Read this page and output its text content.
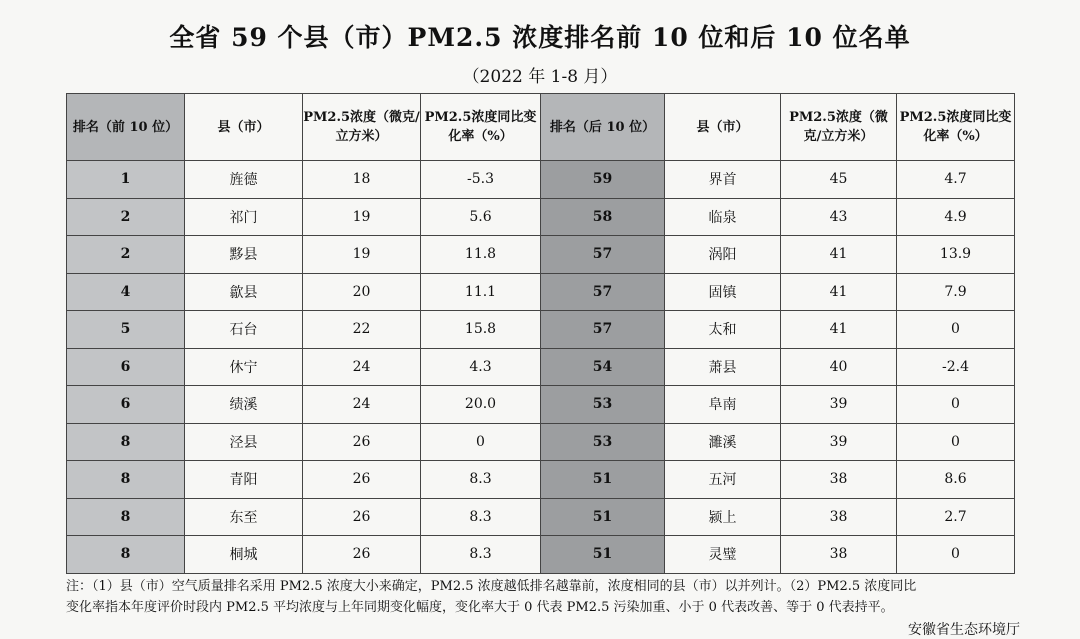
全省 59 个县（市）PM2.5 浓度排名前 10 位和后 10 位名单
（2022 年 1-8 月）
排名（前 10 位）	县（市）	PM2.5浓度（微克/立方米）	PM2.5浓度同比变化率（%）	排名（后 10 位）	县（市）	PM2.5浓度（微克/立方米）	PM2.5浓度同比变化率（%）
1	旌德	18	-5.3	59	界首	45	4.7
2	祁门	19	5.6	58	临泉	43	4.9
2	黟县	19	11.8	57	涡阳	41	13.9
4	歙县	20	11.1	57	固镇	41	7.9
5	石台	22	15.8	57	太和	41	0
6	休宁	24	4.3	54	萧县	40	-2.4
6	绩溪	24	20.0	53	阜南	39	0
8	泾县	26	0	53	濉溪	39	0
8	青阳	26	8.3	51	五河	38	8.6
8	东至	26	8.3	51	颍上	38	2.7
8	桐城	26	8.3	51	灵璧	38	0
注：（1）县（市）空气质量排名采用 PM2.5 浓度大小来确定，PM2.5 浓度越低排名越靠前，浓度相同的县（市）以并列计。（2）PM2.5 浓度同比
变化率指本年度评价时段内 PM2.5 平均浓度与上年同期变化幅度，变化率大于 0 代表 PM2.5 污染加重、小于 0 代表改善、等于 0 代表持平。
安徽省生态环境厅
